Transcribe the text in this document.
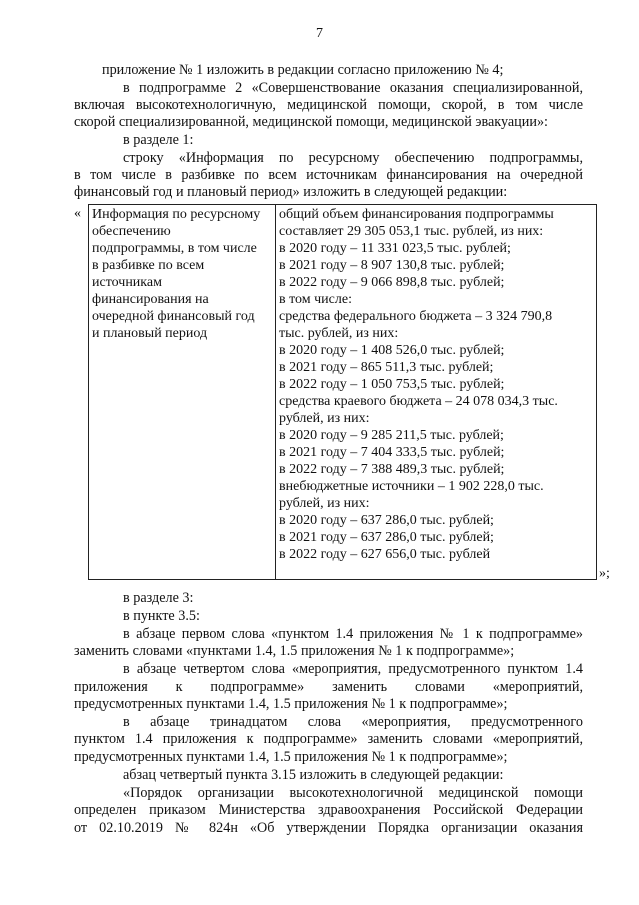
7
приложение № 1 изложить в редакции согласно приложению № 4;
в подпрограмме 2 «Совершенствование оказания специализированной,
включая высокотехнологичную, медицинской помощи, скорой, в том числе
скорой специализированной, медицинской помощи, медицинской эвакуации»:
в разделе 1:
строку «Информация по ресурсному обеспечению подпрограммы,
в том числе в разбивке по всем источникам финансирования на очередной
финансовый год и плановый период» изложить в следующей редакции:
« Информация по ресурсному
обеспечению
подпрограммы, в том числе
в разбивке по всем
источникам
финансирования на
очередной финансовый год
и плановый период
общий объем финансирования подпрограммы
составляет 29 305 053,1 тыс. рублей, из них:
в 2020 году – 11 331 023,5 тыс. рублей;
в 2021 году – 8 907 130,8 тыс. рублей;
в 2022 году – 9 066 898,8 тыс. рублей;
в том числе:
средства федерального бюджета – 3 324 790,8
тыс. рублей, из них:
в 2020 году – 1 408 526,0 тыс. рублей;
в 2021 году – 865 511,3 тыс. рублей;
в 2022 году – 1 050 753,5 тыс. рублей;
средства краевого бюджета – 24 078 034,3 тыс.
рублей, из них:
в 2020 году – 9 285 211,5 тыс. рублей;
в 2021 году – 7 404 333,5 тыс. рублей;
в 2022 году – 7 388 489,3 тыс. рублей;
внебюджетные источники – 1 902 228,0 тыс.
рублей, из них:
в 2020 году – 637 286,0 тыс. рублей;
в 2021 году – 637 286,0 тыс. рублей;
в 2022 году – 627 656,0 тыс. рублей
»;
в разделе 3:
в пункте 3.5:
в абзаце первом слова «пунктом 1.4 приложения № 1 к подпрограмме»
заменить словами «пунктами 1.4, 1.5 приложения № 1 к подпрограмме»;
в абзаце четвертом слова «мероприятия, предусмотренного пунктом 1.4
приложения к подпрограмме» заменить словами «мероприятий,
предусмотренных пунктами 1.4, 1.5 приложения № 1 к подпрограмме»;
в абзаце тринадцатом слова «мероприятия, предусмотренного
пунктом 1.4 приложения к подпрограмме» заменить словами «мероприятий,
предусмотренных пунктами 1.4, 1.5 приложения № 1 к подпрограмме»;
абзац четвертый пункта 3.15 изложить в следующей редакции:
«Порядок организации высокотехнологичной медицинской помощи
определен приказом Министерства здравоохранения Российской Федерации
от 02.10.2019 № 824н «Об утверждении Порядка организации оказания
